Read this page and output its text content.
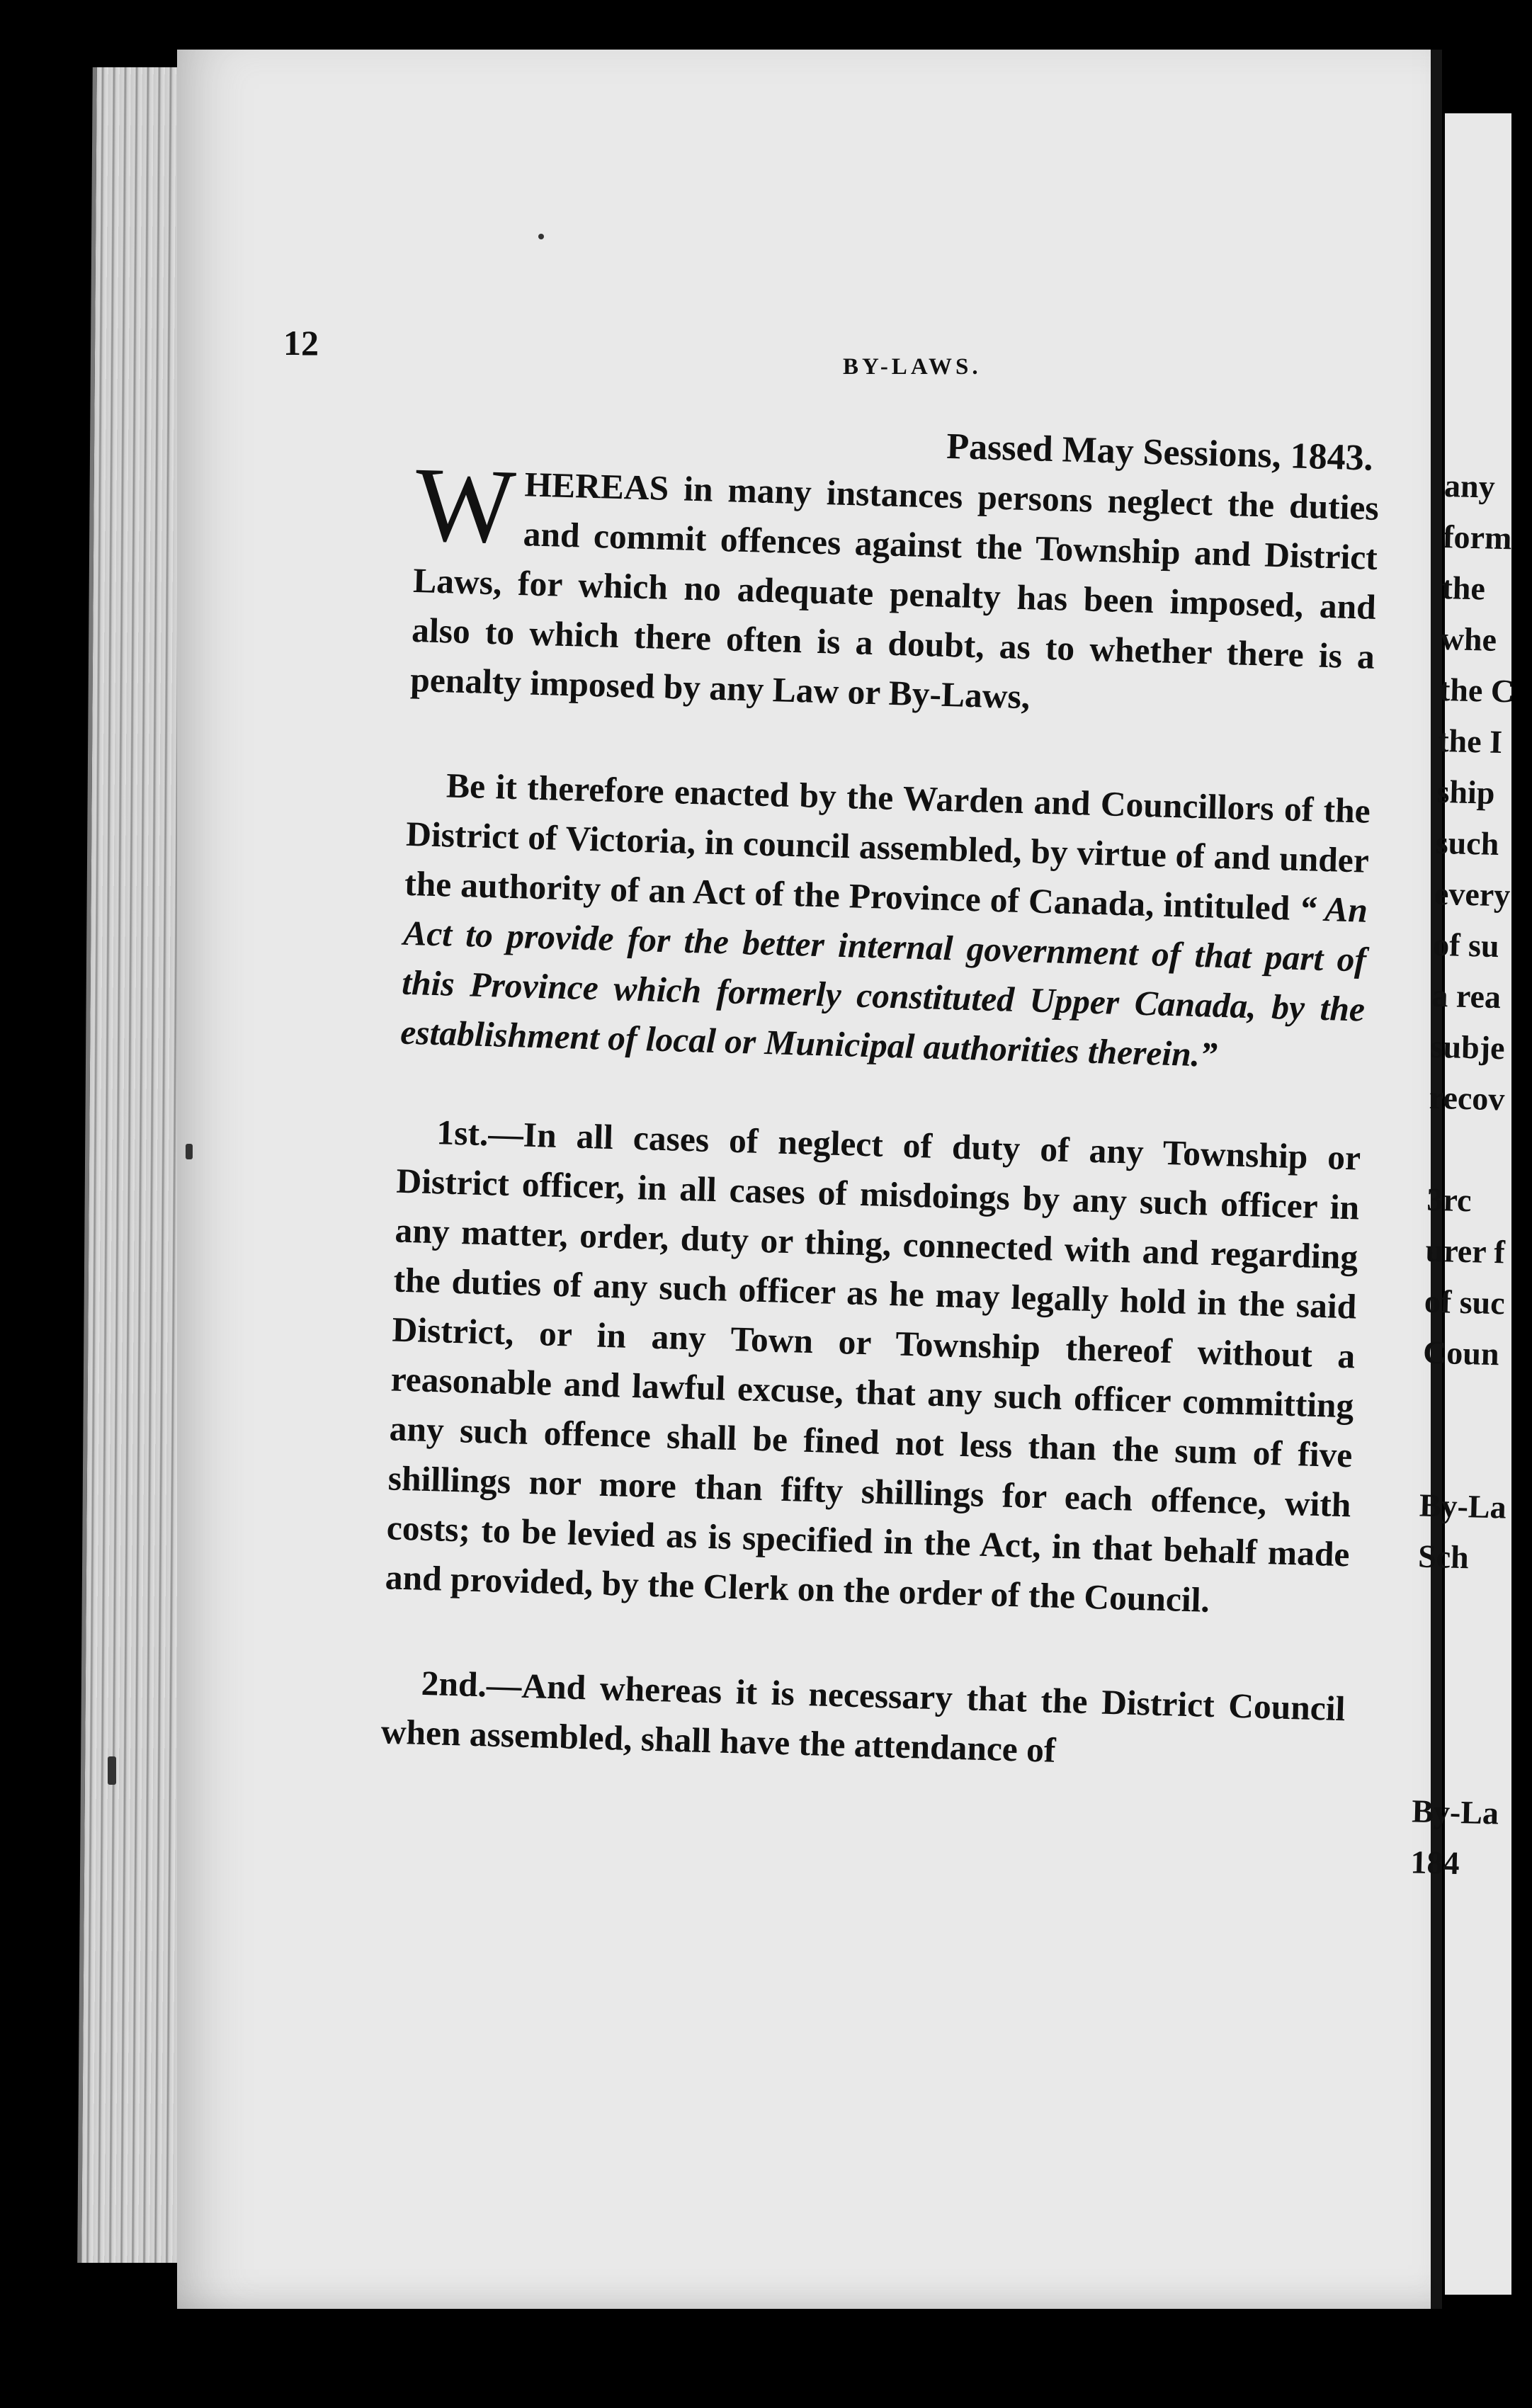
12
BY-LAWS.
Passed May Sessions, 1843.

WHEREAS in many instances persons neglect the duties and commit offences against the Township and District Laws, for which no adequate penalty has been imposed, and also to which there often is a doubt, as to whether there is a penalty imposed by any Law or By-Laws,

Be it therefore enacted by the Warden and Councillors of the District of Victoria, in council assembled, by virtue of and under the authority of an Act of the Province of Canada, intituled “ An Act to provide for the better internal government of that part of this Province which formerly constituted Upper Canada, by the establishment of local or Municipal authorities therein.”

1st.—In all cases of neglect of duty of any Township or District officer, in all cases of misdoings by any such officer in any matter, order, duty or thing, connected with and regarding the duties of any such officer as he may legally hold in the said District, or in any Town or Township thereof without a reasonable and lawful excuse, that any such officer committing any such offence shall be fined not less than the sum of five shillings nor more than fifty shillings for each offence, with costs; to be levied as is specified in the Act, in that behalf made and provided, by the Clerk on the order of the Council.

2nd.—And whereas it is necessary that the District Council when assembled, shall have the attendance of

any
form
the
whe
the C
the I
ship
such
every
of su
a rea
subje
recov
3rc
urer f
of suc
Coun
By-La
Sch
By-La
184
